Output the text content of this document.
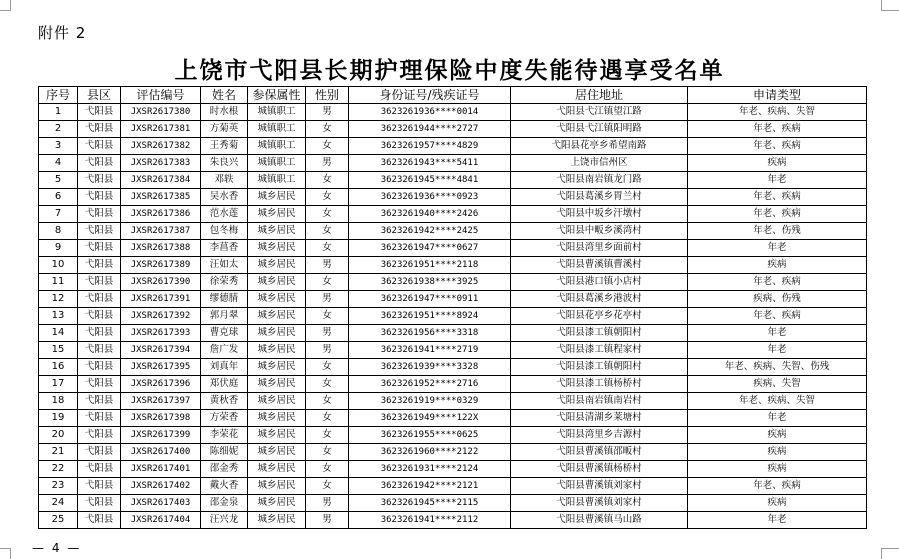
附件 2
上饶市弋阳县长期护理保险中度失能待遇享受名单
序号	县区	评估编号	姓名	参保属性	性别	身份证号/残疾证号	居住地址	申请类型
1	弋阳县	JXSR2617380	时水根	城镇职工	男	3623261936****0014	弋阳县弋江镇望江路	年老、疾病、失智
2	弋阳县	JXSR2617381	方菊英	城镇职工	女	3623261944****2727	弋阳县弋江镇阳明路	年老、疾病
3	弋阳县	JXSR2617382	王秀菊	城镇职工	女	3623261957****4829	弋阳县花亭乡希望南路	年老、疾病
4	弋阳县	JXSR2617383	朱良兴	城镇职工	男	3623261943****5411	上饶市信州区	疾病
5	弋阳县	JXSR2617384	邓轶	城镇职工	女	3623261945****4841	弋阳县南岩镇龙门路	年老
6	弋阳县	JXSR2617385	吴水香	城乡居民	女	3623261936****0923	弋阳县葛溪乡胃兰村	年老、疾病
7	弋阳县	JXSR2617386	范水莲	城乡居民	女	3623261940****2426	弋阳县中坂乡汗墩村	年老、疾病
8	弋阳县	JXSR2617387	包冬梅	城乡居民	女	3623261942****2425	弋阳县中畈乡溪湾村	年老、伤残
9	弋阳县	JXSR2617388	李菖香	城乡居民	女	3623261947****0627	弋阳县湾里乡面前村	年老
10	弋阳县	JXSR2617389	汪如太	城乡居民	男	3623261951****2118	弋阳县曹溪镇曹溪村	疾病
11	弋阳县	JXSR2617390	徐荣秀	城乡居民	女	3623261938****3925	弋阳县港口镇小店村	年老、疾病
12	弋阳县	JXSR2617391	缪德腈	城乡居民	男	3623261947****0911	弋阳县葛溪乡港波村	疾病、伤残
13	弋阳县	JXSR2617392	郭月翠	城乡居民	女	3623261951****8924	弋阳县花亭乡花亭村	年老、疾病
14	弋阳县	JXSR2617393	曹克球	城乡居民	男	3623261956****3318	弋阳县漆工镇朝阳村	年老
15	弋阳县	JXSR2617394	詹广发	城乡居民	男	3623261941****2719	弋阳县漆工镇程家村	年老
16	弋阳县	JXSR2617395	刘真年	城乡居民	女	3623261939****3328	弋阳县漆工镇朝阳村	年老、疾病、失智、伤残
17	弋阳县	JXSR2617396	郑伏庭	城乡居民	女	3623261952****2716	弋阳县漆工镇杨桥村	疾病、失智
18	弋阳县	JXSR2617397	黄秋香	城乡居民	女	3623261919****0329	弋阳县南岩镇南岩村	年老、疾病、失智
19	弋阳县	JXSR2617398	方荣香	城乡居民	女	3623261949****122X	弋阳县清湖乡莱塘村	年老
20	弋阳县	JXSR2617399	李荣花	城乡居民	女	3623261955****0625	弋阳县湾里乡吉源村	疾病
21	弋阳县	JXSR2617400	陈细妮	城乡居民	女	3623261960****2122	弋阳县曹溪镇邵畈村	疾病
22	弋阳县	JXSR2617401	邵金秀	城乡居民	女	3623261931****2124	弋阳县曹溪镇杨桥村	疾病
23	弋阳县	JXSR2617402	戴火香	城乡居民	女	3623261942****2121	弋阳县曹溪镇刘家村	年老、疾病
24	弋阳县	JXSR2617403	邵金泉	城乡居民	男	3623261945****2115	弋阳县曹溪镇刘家村	疾病
25	弋阳县	JXSR2617404	汪兴龙	城乡居民	男	3623261941****2112	弋阳县曹溪镇马山路	年老
— 4 —
